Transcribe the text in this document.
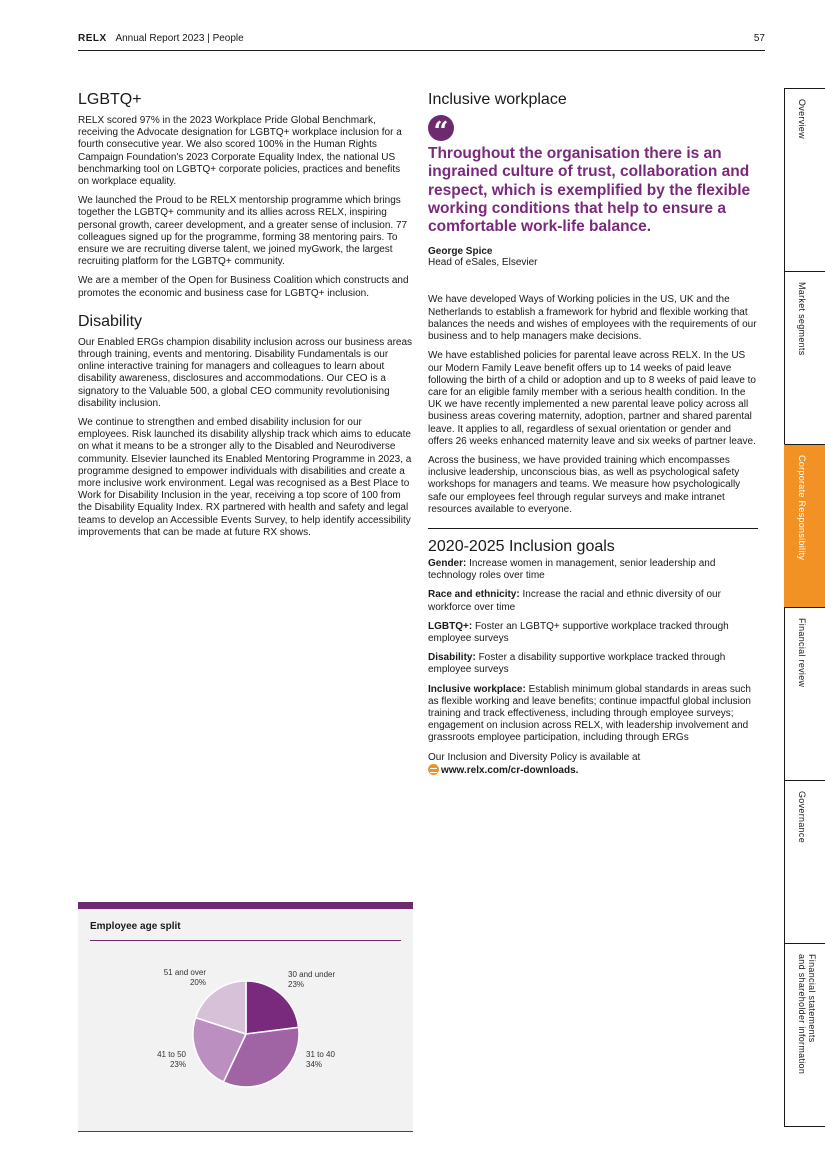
RELX Annual Report 2023 | People	57
LGBTQ+

RELX scored 97% in the 2023 Workplace Pride Global Benchmark, receiving the Advocate designation for LGBTQ+ workplace inclusion for a fourth consecutive year. We also scored 100% in the Human Rights Campaign Foundation's 2023 Corporate Equality Index, the national US benchmarking tool on LGBTQ+ corporate policies, practices and benefits on workplace equality.

We launched the Proud to be RELX mentorship programme which brings together the LGBTQ+ community and its allies across RELX, inspiring personal growth, career development, and a greater sense of inclusion. 77 colleagues signed up for the programme, forming 38 mentoring pairs. To ensure we are recruiting diverse talent, we joined myGwork, the largest recruiting platform for the LGBTQ+ community.

We are a member of the Open for Business Coalition which constructs and promotes the economic and business case for LGBTQ+ inclusion.

Disability

Our Enabled ERGs champion disability inclusion across our business areas through training, events and mentoring. Disability Fundamentals is our online interactive training for managers and colleagues to learn about disability awareness, disclosures and accommodations. Our CEO is a signatory to the Valuable 500, a global CEO community revolutionising disability inclusion.

We continue to strengthen and embed disability inclusion for our employees. Risk launched its disability allyship track which aims to educate on what it means to be a stronger ally to the Disabled and Neurodiverse community. Elsevier launched its Enabled Mentoring Programme in 2023, a programme designed to empower individuals with disabilities and create a more inclusive work environment. Legal was recognised as a Best Place to Work for Disability Inclusion in the year, receiving a top score of 100 from the Disability Equality Index. RX partnered with health and safety and legal teams to develop an Accessible Events Survey, to help identify accessibility improvements that can be made at future RX shows.

Inclusive workplace
“
Throughout the organisation there is an ingrained culture of trust, collaboration and respect, which is exemplified by the flexible working conditions that help to ensure a comfortable work-life balance.
George Spice
Head of eSales, Elsevier

We have developed Ways of Working policies in the US, UK and the Netherlands to establish a framework for hybrid and flexible working that balances the needs and wishes of employees with the requirements of our business and to help managers make decisions.

We have established policies for parental leave across RELX. In the US our Modern Family Leave benefit offers up to 14 weeks of paid leave following the birth of a child or adoption and up to 8 weeks of paid leave to care for an eligible family member with a serious health condition. In the UK we have recently implemented a new parental leave policy across all business areas covering maternity, adoption, partner and shared parental leave. It applies to all, regardless of sexual orientation or gender and offers 26 weeks enhanced maternity leave and six weeks of partner leave.

Across the business, we have provided training which encompasses inclusive leadership, unconscious bias, as well as psychological safety workshops for managers and teams. We measure how psychologically safe our employees feel through regular surveys and make intranet resources available to everyone.

2020-2025 Inclusion goals

Gender: Increase women in management, senior leadership and technology roles over time

Race and ethnicity: Increase the racial and ethnic diversity of our workforce over time

LGBTQ+: Foster an LGBTQ+ supportive workplace tracked through employee surveys

Disability: Foster a disability supportive workplace tracked through employee surveys

Inclusive workplace: Establish minimum global standards in areas such as flexible working and leave benefits; continue impactful global inclusion training and track effectiveness, including through employee surveys; engagement on inclusion across RELX, with leadership involvement and grassroots employee participation, including through ERGs

Our Inclusion and Diversity Policy is available at
www.relx.com/cr-downloads.
Employee age split
30 and under
23%
31 to 40
34%
41 to 50
23%
51 and over
20%
Overview
Market segments
Corporate Responsibility
Financial review
Governance
Financial statements
and shareholder information
